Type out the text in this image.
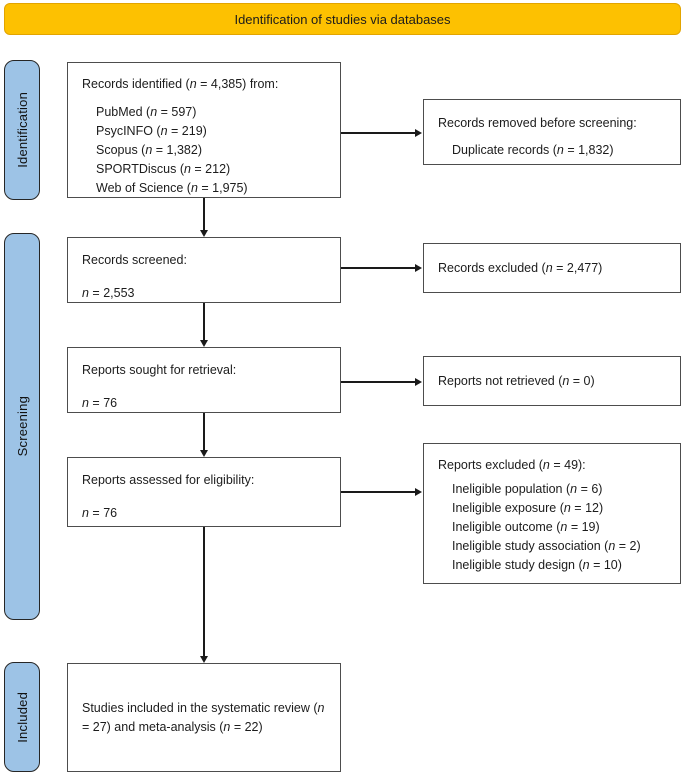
Identification of studies via databases
Identification
Screening
Included
Records identified (n = 4,385) from:
PubMed (n = 597)
PsycINFO (n = 219)
Scopus (n = 1,382)
SPORTDiscus (n = 212)
Web of Science (n = 1,975)
Records screened:
n = 2,553
Reports sought for retrieval:
n = 76
Reports assessed for eligibility:
n = 76
Studies included in the systematic review (n = 27) and meta-analysis (n = 22)
Records removed before screening:
Duplicate records (n = 1,832)
Records excluded (n = 2,477)
Reports not retrieved (n = 0)
Reports excluded (n = 49):
Ineligible population (n = 6)
Ineligible exposure (n = 12)
Ineligible outcome (n = 19)
Ineligible study association (n = 2)
Ineligible study design (n = 10)
